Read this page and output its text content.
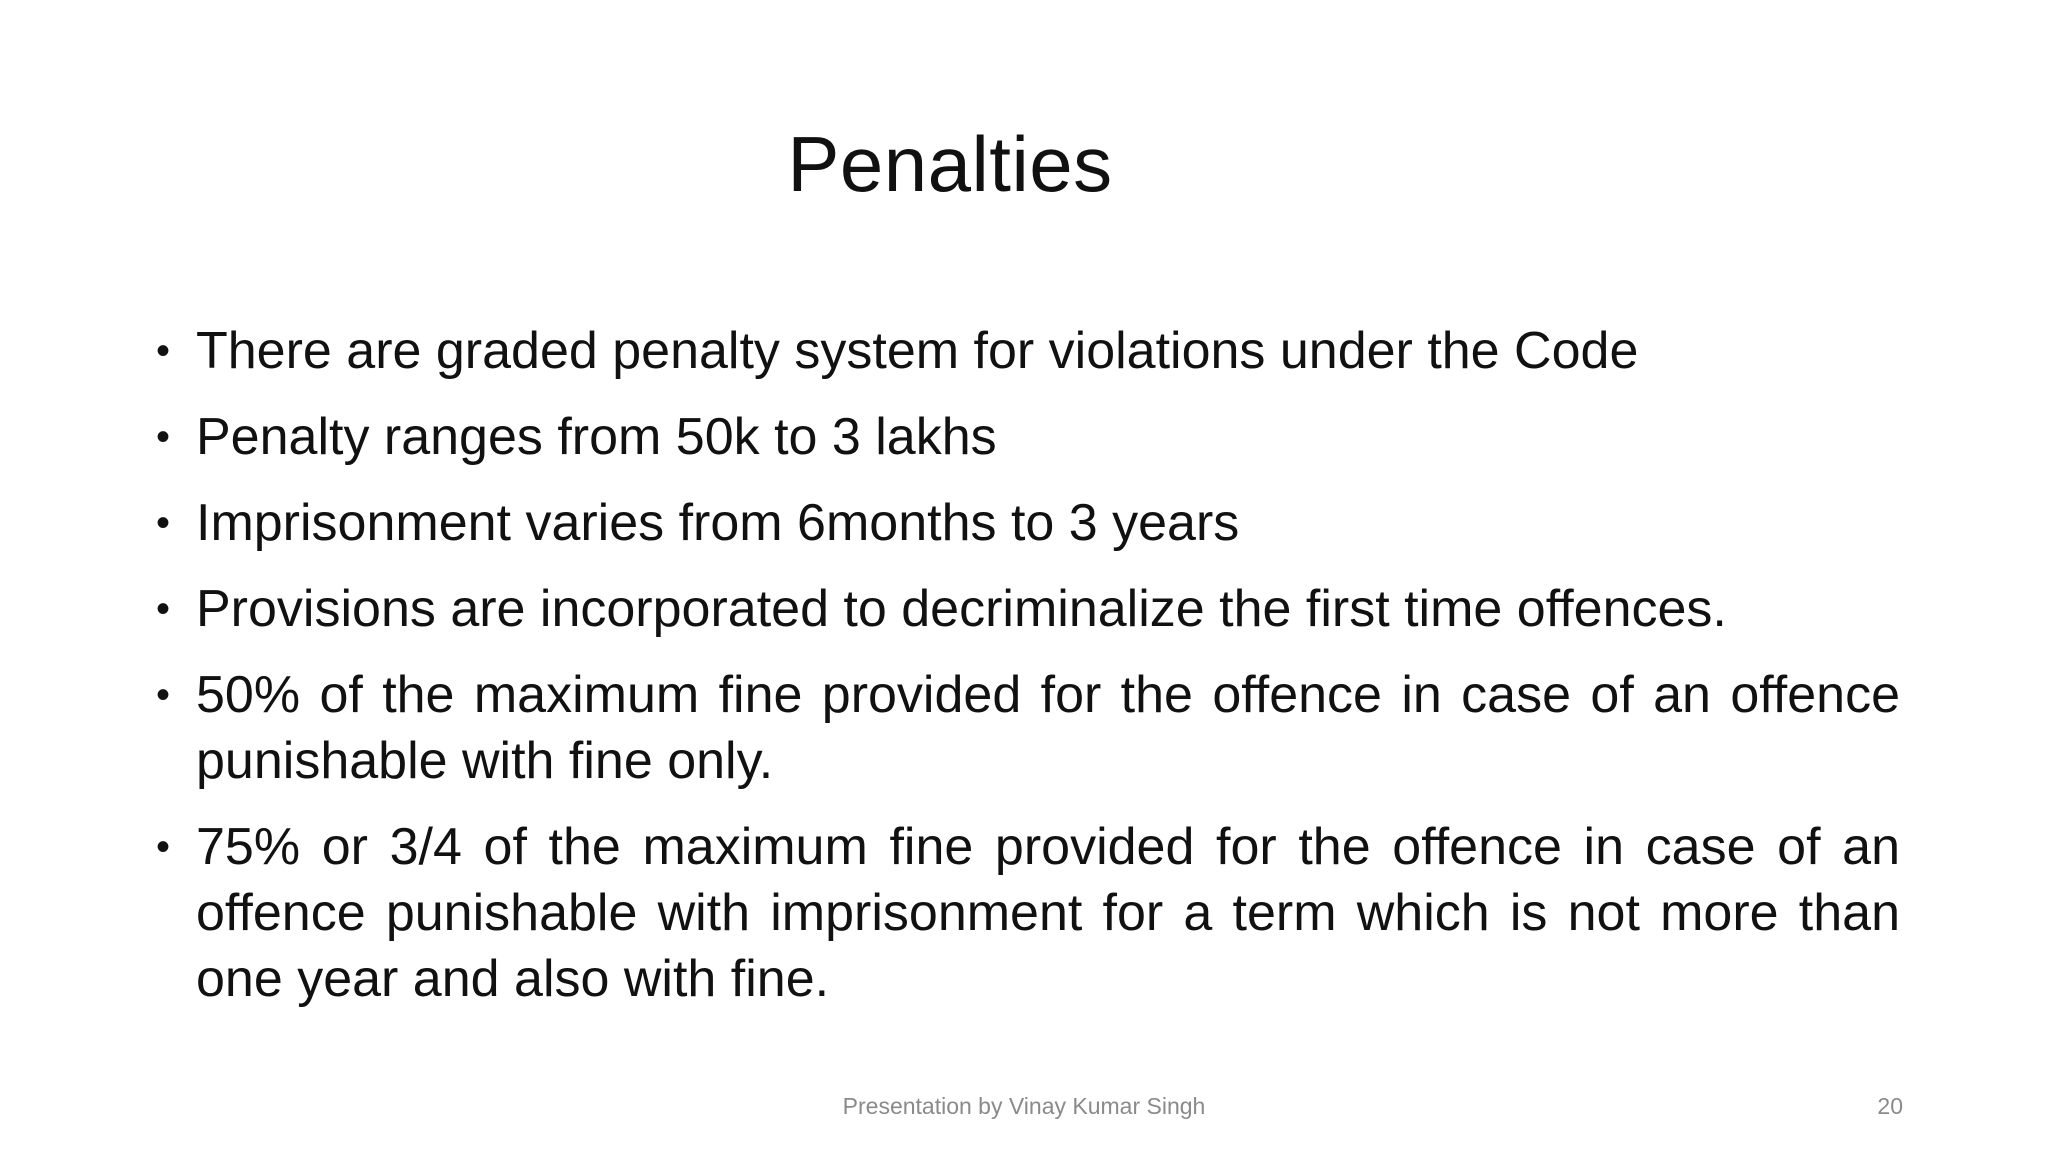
Penalties
• There are graded penalty system for violations under the Code
• Penalty ranges from 50k to 3 lakhs
• Imprisonment varies from 6months to 3 years
• Provisions are incorporated to decriminalize the first time offences.
• 50% of the maximum fine provided for the offence in case of an offence punishable with fine only.
• 75% or 3/4 of the maximum fine provided for the offence in case of an offence punishable with imprisonment for a term which is not more than one year and also with fine.
Presentation by Vinay Kumar Singh	20
